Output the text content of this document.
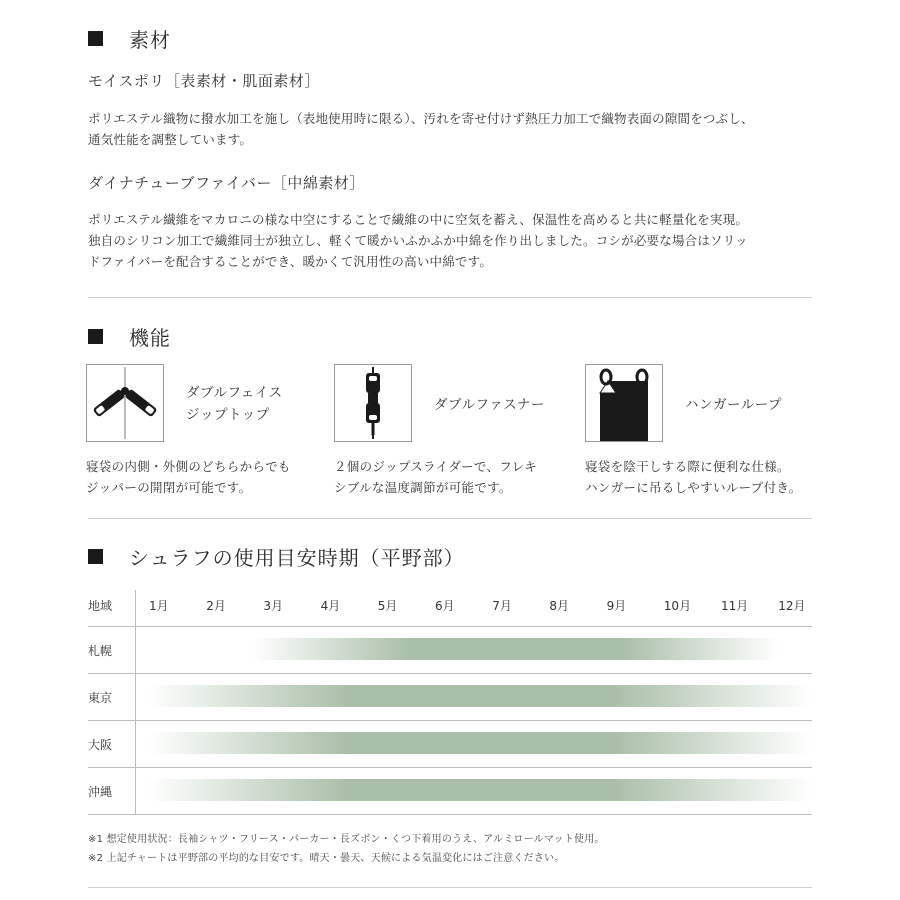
素材
モイスポリ［表素材・肌面素材］
ポリエステル織物に撥水加工を施し（表地使用時に限る）、汚れを寄せ付けず熱圧力加工で織物表面の隙間をつぶし、
通気性能を調整しています。
ダイナチューブファイバー［中綿素材］
ポリエステル繊維をマカロニの様な中空にすることで繊維の中に空気を蓄え、保温性を高めると共に軽量化を実現。
独自のシリコン加工で繊維同士が独立し、軽くて暖かいふかふか中綿を作り出しました。コシが必要な場合はソリッ
ドファイバーを配合することができ、暖かくて汎用性の高い中綿です。
機能
ダブルフェイス
ジップトップ
寝袋の内側・外側のどちらからでも
ジッパーの開閉が可能です。
ダブルファスナー
２個のジップスライダーで、フレキ
シブルな温度調節が可能です。
ハンガーループ
寝袋を陰干しする際に便利な仕様。
ハンガーに吊るしやすいループ付き。
シュラフの使用目安時期（平野部）
地域	1月	2月	3月	4月	5月	6月	7月	8月	9月	10月 11月 12月
札幌
東京
大阪
沖縄
※1 想定使用状況：長袖シャツ・フリース・パーカー・長ズボン・くつ下着用のうえ、アルミロールマット使用。
※2 上記チャートは平野部の平均的な目安です。晴天・曇天、天候による気温変化にはご注意ください。
